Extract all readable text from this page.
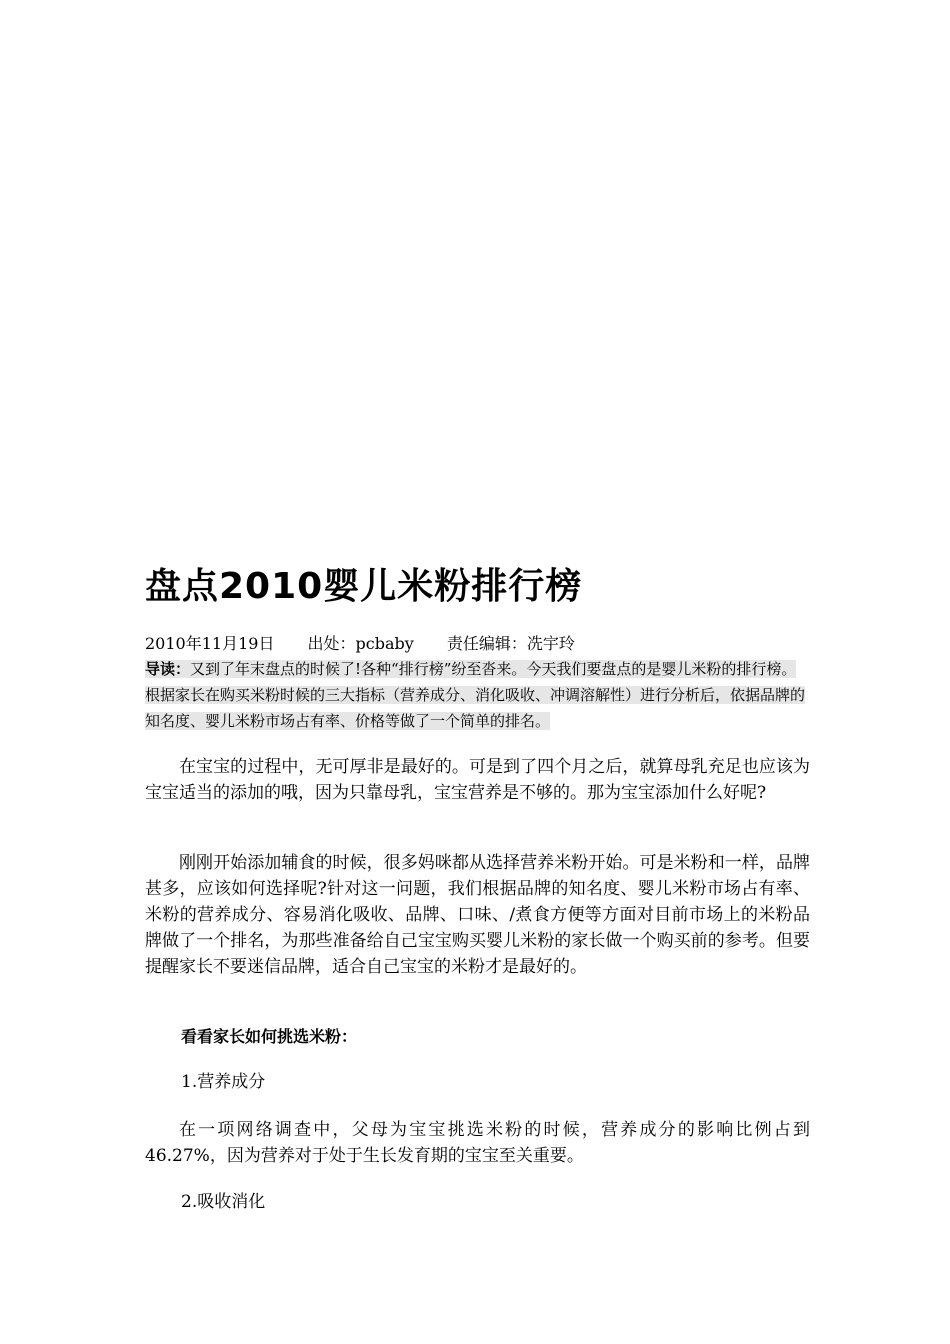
盘点2010婴儿米粉排行榜
2010年11月19日 出处：pcbaby 责任编辑：冼宇玲
导读：又到了年末盘点的时候了!各种“排行榜”纷至沓来。今天我们要盘点的是婴儿米粉的排行榜。根据家长在购买米粉时候的三大指标（营养成分、消化吸收、冲调溶解性）进行分析后，依据品牌的知名度、婴儿米粉市场占有率、价格等做了一个简单的排名。

在宝宝的过程中，无可厚非是最好的。可是到了四个月之后，就算母乳充足也应该为宝宝适当的添加的哦，因为只靠母乳，宝宝营养是不够的。那为宝宝添加什么好呢?

刚刚开始添加辅食的时候，很多妈咪都从选择营养米粉开始。可是米粉和一样，品牌甚多，应该如何选择呢?针对这一问题，我们根据品牌的知名度、婴儿米粉市场占有率、米粉的营养成分、容易消化吸收、品牌、口味、/煮食方便等方面对目前市场上的米粉品牌做了一个排名，为那些准备给自己宝宝购买婴儿米粉的家长做一个购买前的参考。但要提醒家长不要迷信品牌，适合自己宝宝的米粉才是最好的。

看看家长如何挑选米粉：
1.营养成分

在一项网络调查中，父母为宝宝挑选米粉的时候，营养成分的影响比例占到46.27%，因为营养对于处于生长发育期的宝宝至关重要。

2.吸收消化
